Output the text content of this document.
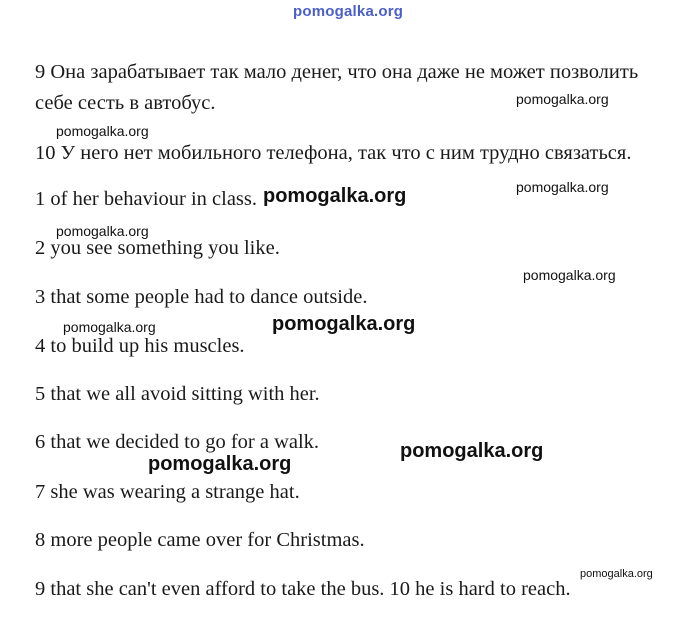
pomogalka.org
9 Она зарабатывает так мало денег, что она даже не может позволить
себе сесть в автобус.
10 У него нет мобильного телефона, так что с ним трудно связаться.
1 of her behaviour in class.
2 you see something you like.
3 that some people had to dance outside.
4 to build up his muscles.
5 that we all avoid sitting with her.
6 that we decided to go for a walk.
7 she was wearing a strange hat.
8 more people came over for Christmas.
9 that she can't even afford to take the bus. 10 he is hard to reach.
pomogalka.org
pomogalka.org
pomogalka.org
pomogalka.org
pomogalka.org
pomogalka.org
pomogalka.org	pomogalka.org
pomogalka.org
pomogalka.org
pomogalka.org
